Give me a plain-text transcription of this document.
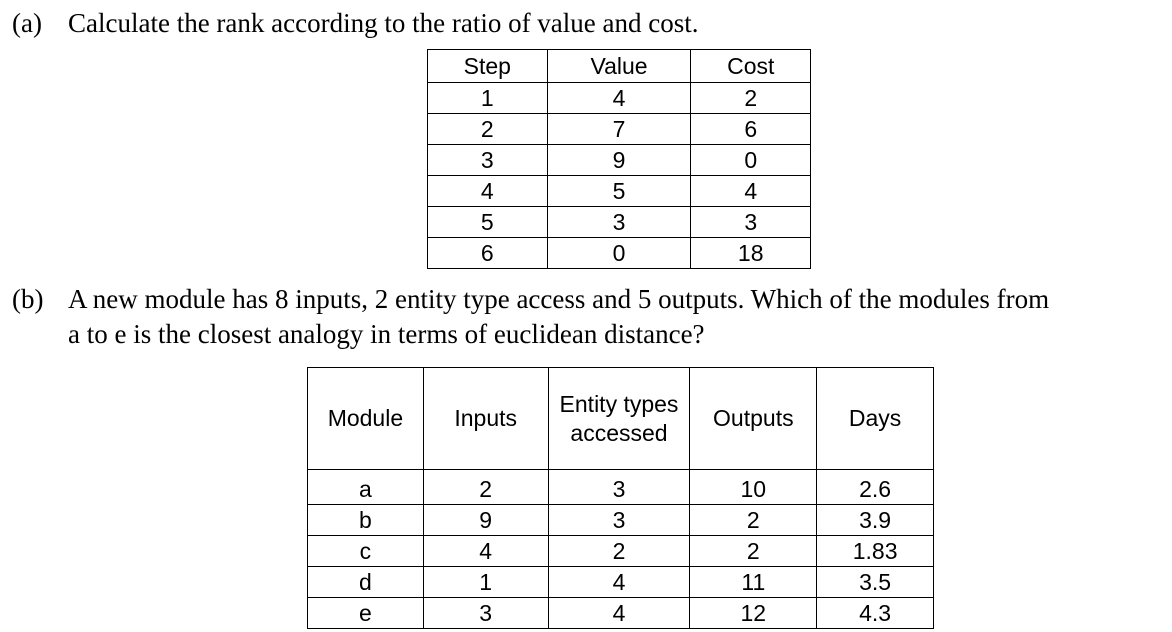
(a) Calculate the rank according to the ratio of value and cost.
Step	Value	Cost
1	4	2
2	7	6
3	9	0
4	5	4
5	3	3
6	0	18
(b) A new module has 8 inputs, 2 entity type access and 5 outputs. Which of the modules from
a to e is the closest analogy in terms of euclidean distance?
Module	Inputs	Entity types accessed	Outputs	Days
a	2	3	10	2.6
b	9	3	2	3.9
c	4	2	2	1.83
d	1	4	11	3.5
e	3	4	12	4.3
